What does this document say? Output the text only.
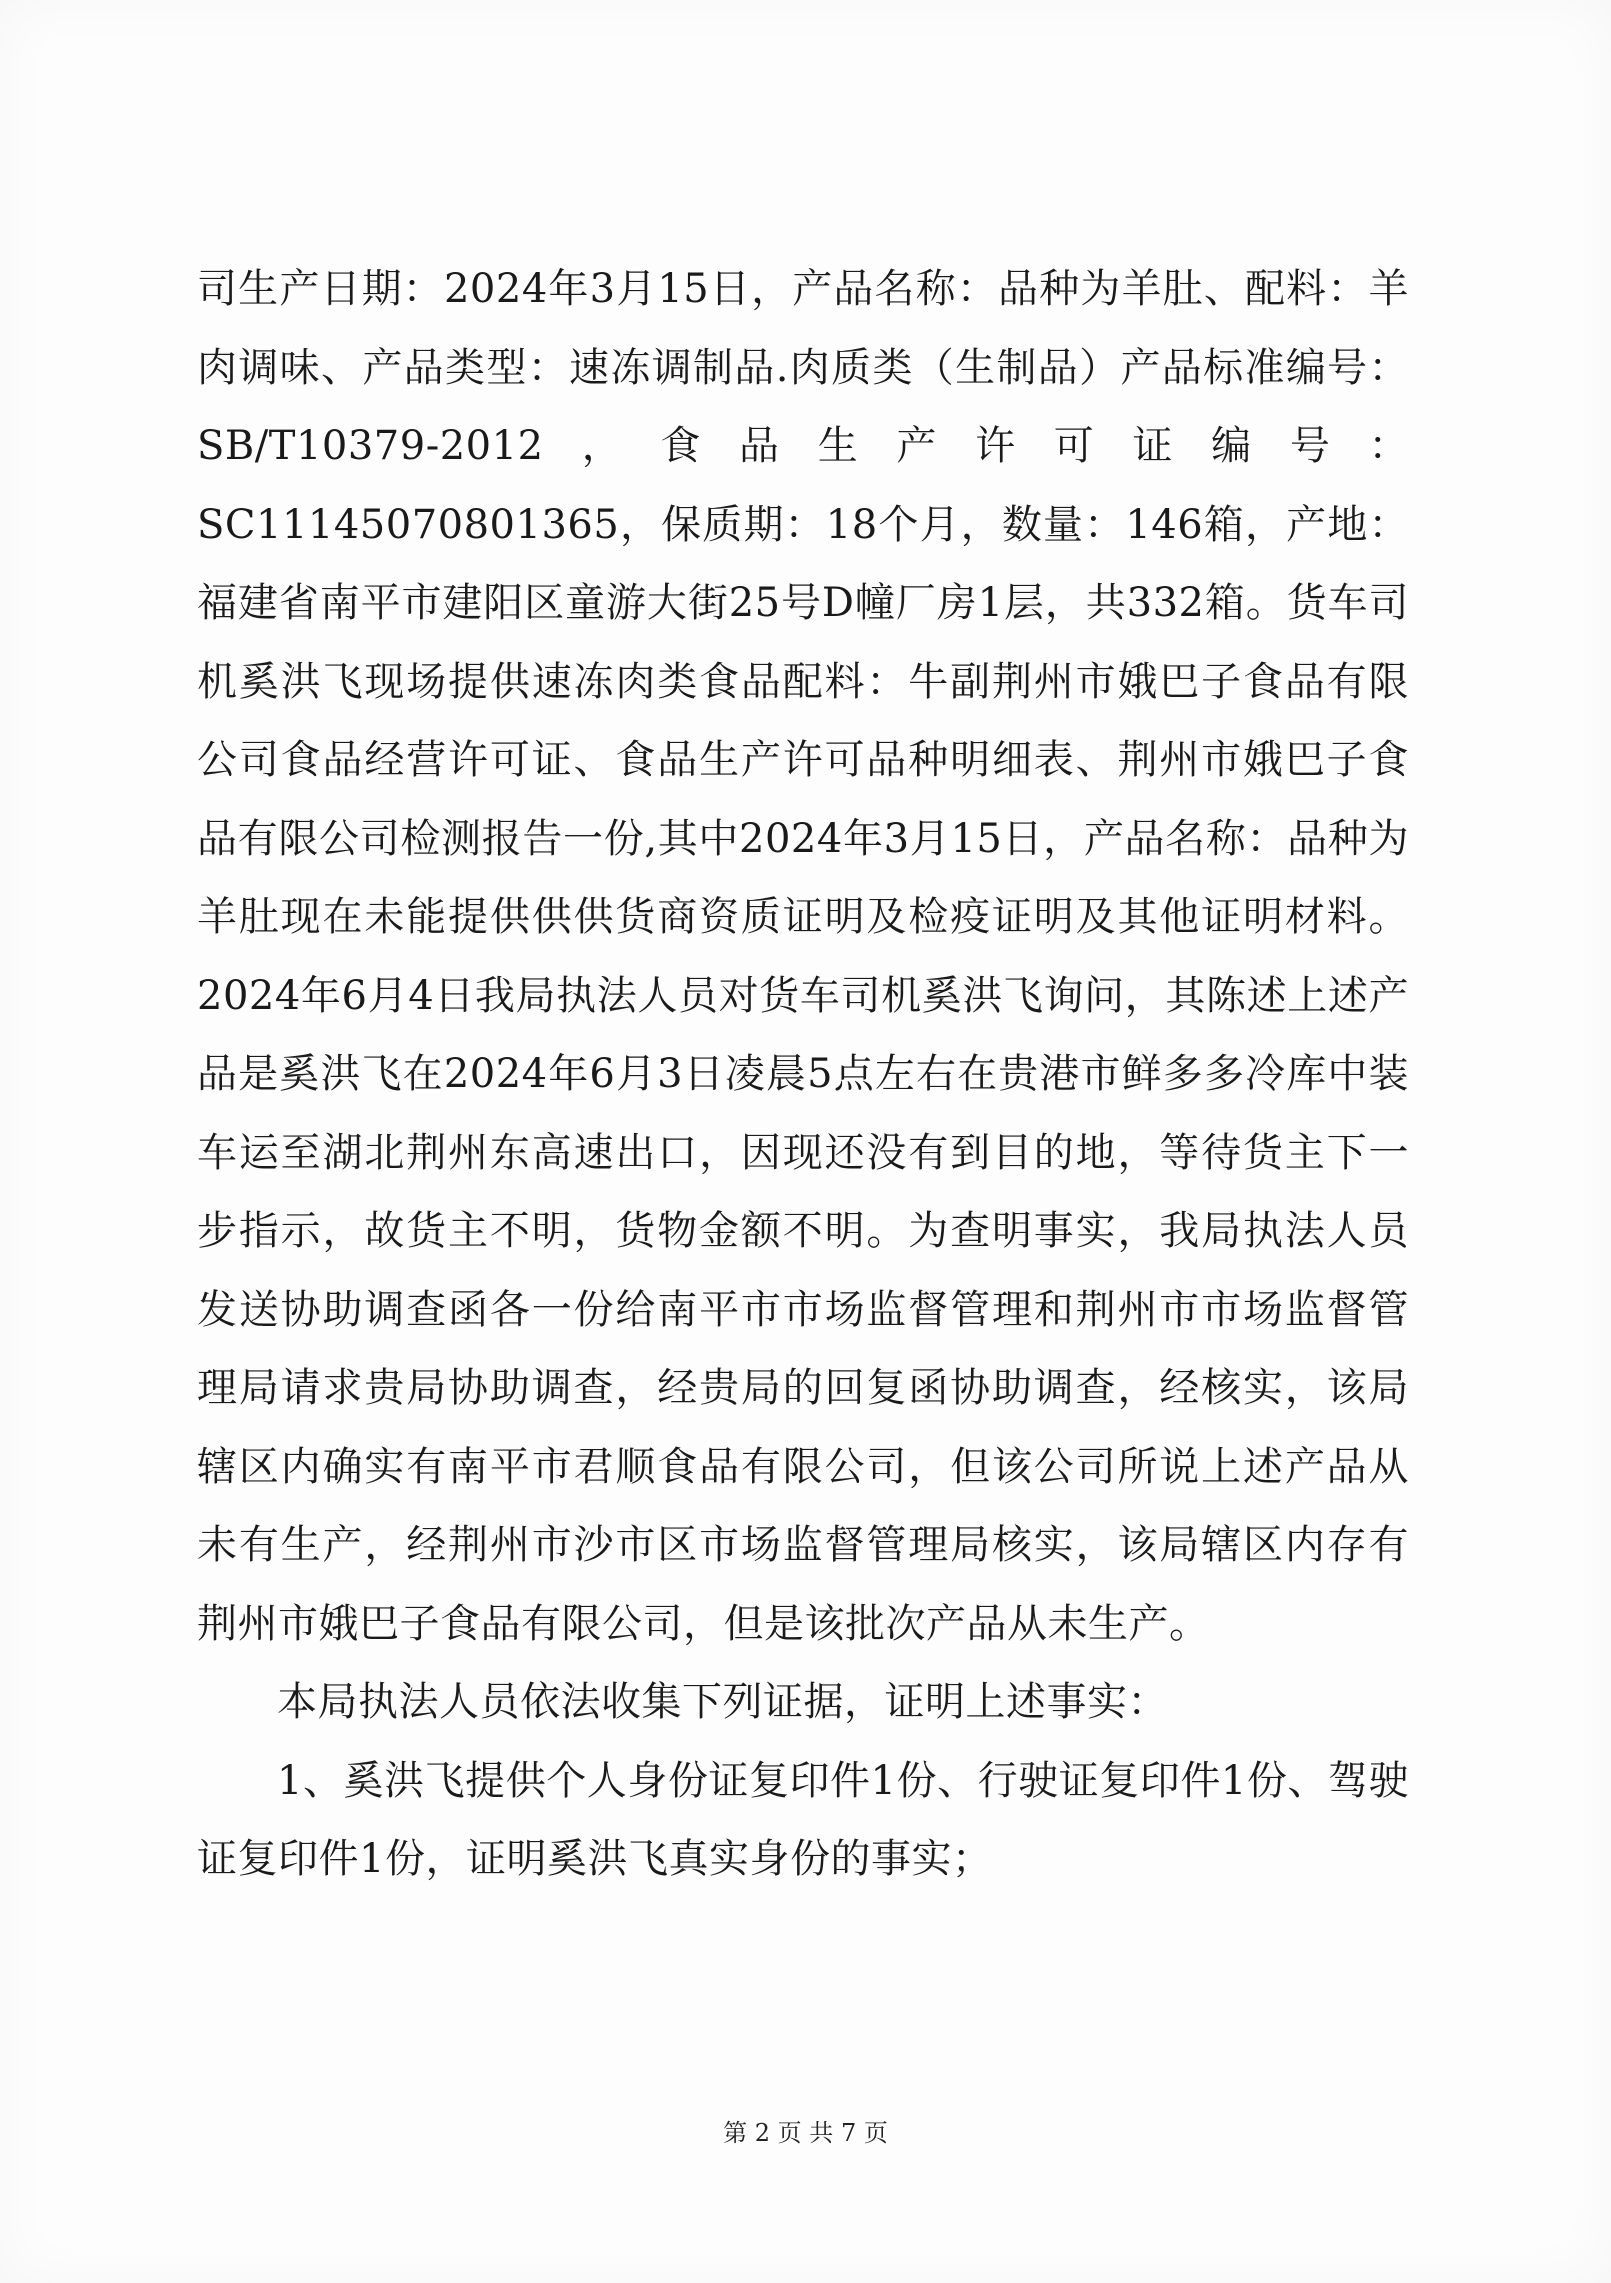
司生产日期：2024年3月15日，产品名称：品种为羊肚、配料：羊肉调味、产品类型：速冻调制品.肉质类（生制品）产品标准编号：SB/T10379-2012，食品生产许可证编号：SC11145070801365，保质期：18个月，数量：146箱，产地：福建省南平市建阳区童游大街25号D幢厂房1层，共332箱。货车司机奚洪飞现场提供速冻肉类食品配料：牛副荆州市娥巴子食品有限公司食品经营许可证、食品生产许可品种明细表、荆州市娥巴子食品有限公司检测报告一份,其中2024年3月15日，产品名称：品种为羊肚现在未能提供供供货商资质证明及检疫证明及其他证明材料。2024年6月4日我局执法人员对货车司机奚洪飞询问，其陈述上述产品是奚洪飞在2024年6月3日凌晨5点左右在贵港市鲜多多冷库中装车运至湖北荆州东高速出口，因现还没有到目的地，等待货主下一步指示，故货主不明，货物金额不明。为查明事实，我局执法人员发送协助调查函各一份给南平市市场监督管理和荆州市市场监督管理局请求贵局协助调查，经贵局的回复函协助调查，经核实，该局辖区内确实有南平市君顺食品有限公司，但该公司所说上述产品从未有生产，经荆州市沙市区市场监督管理局核实，该局辖区内存有荆州市娥巴子食品有限公司，但是该批次产品从未生产。

本局执法人员依法收集下列证据，证明上述事实：

1、奚洪飞提供个人身份证复印件1份、行驶证复印件1份、驾驶证复印件1份，证明奚洪飞真实身份的事实；

第 2 页 共 7 页
